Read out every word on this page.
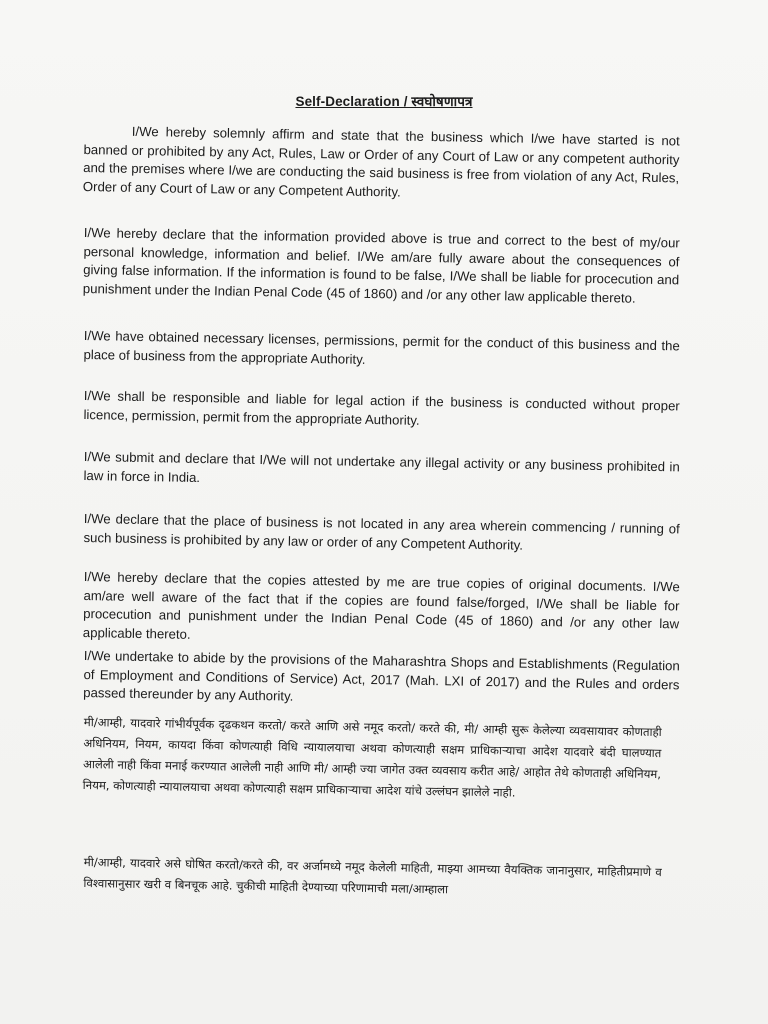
Self-Declaration / स्वघोषणापत्र
I/We hereby solemnly affirm and state that the business which I/we have started is not banned or prohibited by any Act, Rules, Law or Order of any Court of Law or any competent authority and the premises where I/we are conducting the said business is free from violation of any Act, Rules, Order of any Court of Law or any Competent Authority.
I/We hereby declare that the information provided above is true and correct to the best of my/our personal knowledge, information and belief. I/We am/are fully aware about the consequences of giving false information. If the information is found to be false, I/We shall be liable for procecution and punishment under the Indian Penal Code (45 of 1860) and /or any other law applicable thereto.
I/We have obtained necessary licenses, permissions, permit for the conduct of this business and the place of business from the appropriate Authority.
I/We shall be responsible and liable for legal action if the business is conducted without proper licence, permission, permit from the appropriate Authority.
I/We submit and declare that I/We will not undertake any illegal activity or any business prohibited in law in force in India.
I/We declare that the place of business is not located in any area wherein commencing / running of such business is prohibited by any law or order of any Competent Authority.
I/We hereby declare that the copies attested by me are true copies of original documents. I/We am/are well aware of the fact that if the copies are found false/forged, I/We shall be liable for procecution and punishment under the Indian Penal Code (45 of 1860) and /or any other law applicable thereto.
I/We undertake to abide by the provisions of the Maharashtra Shops and Establishments (Regulation of Employment and Conditions of Service) Act, 2017 (Mah. LXI of 2017) and the Rules and orders passed thereunder by any Authority.
मी/आम्ही, यादवारे गांभीर्यपूर्वक दृढकथन करतो/ करते आणि असे नमूद करतो/ करते की, मी/ आम्ही सुरू केलेल्या व्यवसायावर कोणताही अधिनियम, नियम, कायदा किंवा कोणत्याही विधि न्यायालयाचा अथवा कोणत्याही सक्षम प्राधिकाऱ्याचा आदेश यादवारे बंदी घालण्यात आलेली नाही किंवा मनाई करण्यात आलेली नाही आणि मी/ आम्ही ज्या जागेत उक्त व्यवसाय करीत आहे/ आहोत तेथे कोणताही अधिनियम, नियम, कोणत्याही न्यायालयाचा अथवा कोणत्याही सक्षम प्राधिकाऱ्याचा आदेश यांचे उल्लंघन झालेले नाही.
मी/आम्ही, यादवारे असे घोषित करतो/करते की, वर अर्जामध्ये नमूद केलेली माहिती, माझ्या आमच्या वैयक्तिक जानानुसार, माहितीप्रमाणे व विश्वासानुसार खरी व बिनचूक आहे. चुकीची माहिती देण्याच्या परिणामाची मला/आम्हाला
